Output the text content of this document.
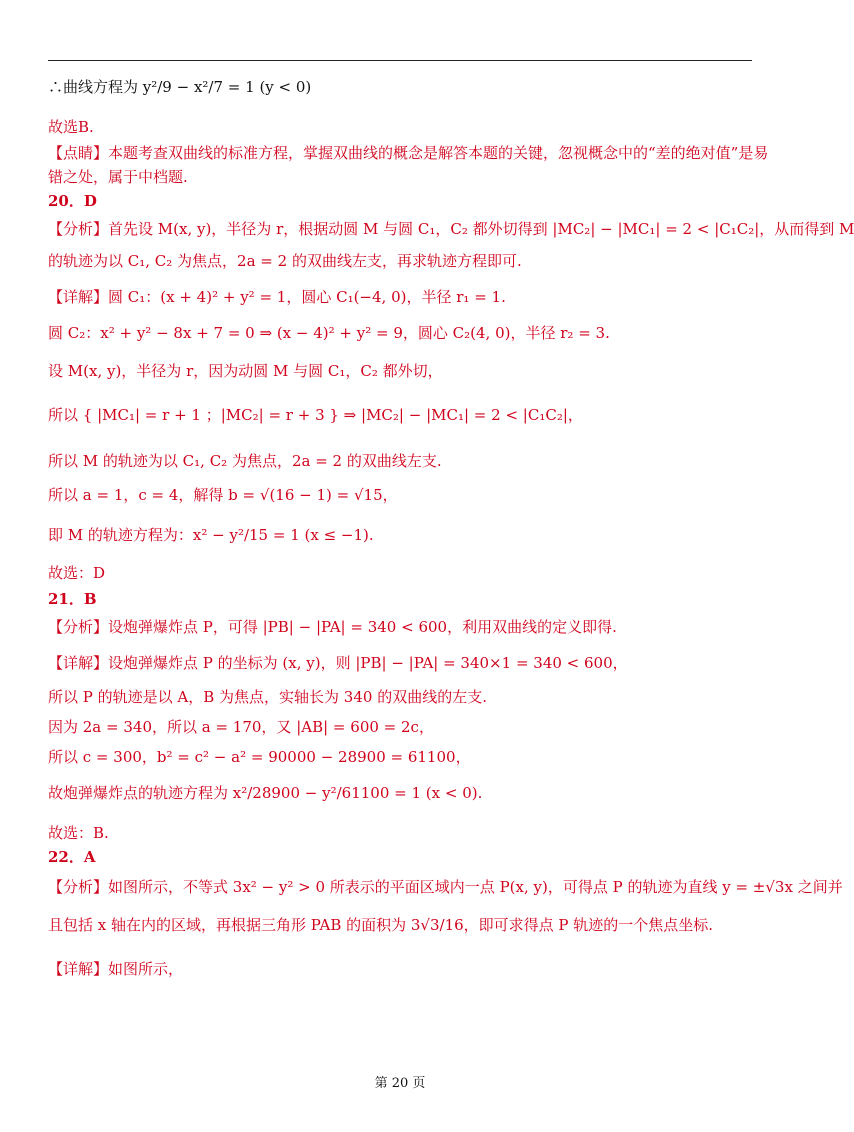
∴曲线方程为 y²/9 − x²/7 = 1 (y < 0)
故选B.
【点睛】本题考查双曲线的标准方程，掌握双曲线的概念是解答本题的关键，忽视概念中的“差的绝对值”是易
错之处，属于中档题.
20．D
【分析】首先设 M(x, y)，半径为 r，根据动圆 M 与圆 C₁，C₂ 都外切得到 |MC₂| − |MC₁| = 2 < |C₁C₂|，从而得到 M
的轨迹为以 C₁, C₂ 为焦点，2a = 2 的双曲线左支，再求轨迹方程即可.
【详解】圆 C₁：(x + 4)² + y² = 1，圆心 C₁(−4, 0)，半径 r₁ = 1.
圆 C₂：x² + y² − 8x + 7 = 0 ⇒ (x − 4)² + y² = 9，圆心 C₂(4, 0)，半径 r₂ = 3.
设 M(x, y)，半径为 r，因为动圆 M 与圆 C₁，C₂ 都外切，
所以 { |MC₁| = r + 1 ；|MC₂| = r + 3 } ⇒ |MC₂| − |MC₁| = 2 < |C₁C₂|，
所以 M 的轨迹为以 C₁, C₂ 为焦点，2a = 2 的双曲线左支.
所以 a = 1，c = 4，解得 b = √(16 − 1) = √15，
即 M 的轨迹方程为：x² − y²/15 = 1 (x ≤ −1).
故选：D
21．B
【分析】设炮弹爆炸点 P，可得 |PB| − |PA| = 340 < 600，利用双曲线的定义即得.
【详解】设炮弹爆炸点 P 的坐标为 (x, y)，则 |PB| − |PA| = 340×1 = 340 < 600，
所以 P 的轨迹是以 A，B 为焦点，实轴长为 340 的双曲线的左支.
因为 2a = 340，所以 a = 170，又 |AB| = 600 = 2c，
所以 c = 300，b² = c² − a² = 90000 − 28900 = 61100，
故炮弹爆炸点的轨迹方程为 x²/28900 − y²/61100 = 1 (x < 0).
故选：B.
22．A
【分析】如图所示，不等式 3x² − y² > 0 所表示的平面区域内一点 P(x, y)，可得点 P 的轨迹为直线 y = ±√3x 之间并
且包括 x 轴在内的区域，再根据三角形 PAB 的面积为 3√3/16，即可求得点 P 轨迹的一个焦点坐标.
【详解】如图所示，
第 20 页
